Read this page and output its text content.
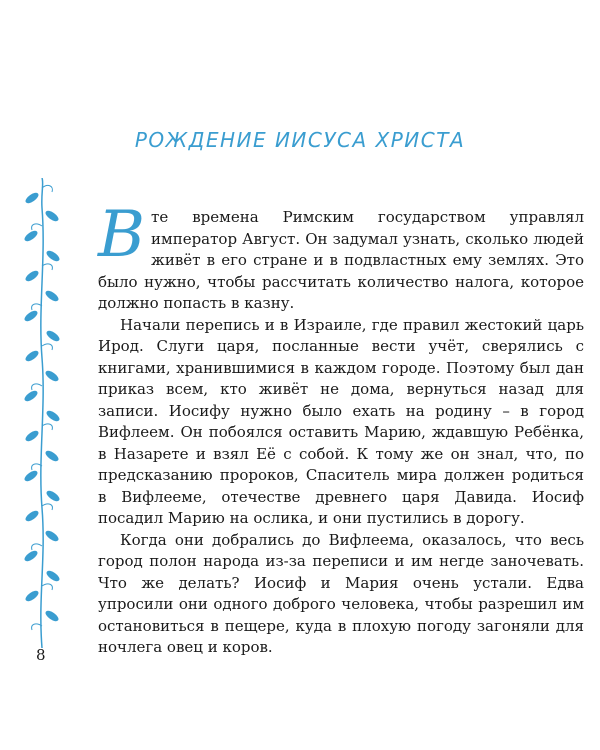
РОЖДЕНИЕ ИИСУСА ХРИСТА

Вте времена Римским государством управлял император Август. Он задумал узнать, сколько людей живёт в его стране и в подвластных ему землях. Это было нужно, чтобы рассчитать количество налога, которое должно попасть в казну.

Начали перепись и в Израиле, где правил жестокий царь Ирод. Слуги царя, посланные вести учёт, сверялись с книгами, хранившимися в каждом городе. Поэтому был дан приказ всем, кто живёт не дома, вернуться назад для записи. Иосифу нужно было ехать на родину – в город Вифлеем. Он побоялся оставить Марию, ждавшую Ребёнка, в Назарете и взял Её с собой. К тому же он знал, что, по предсказанию пророков, Спаситель мира должен родиться в Вифлееме, отечестве древнего царя Давида. Иосиф посадил Марию на ослика, и они пустились в дорогу.

Когда они добрались до Вифлеема, оказалось, что весь город полон народа из-за переписи и им негде заночевать. Что же делать? Иосиф и Мария очень устали. Едва упросили они одного доброго человека, чтобы разрешил им остановиться в пещере, куда в плохую погоду загоняли для ночлега овец и коров.

8
